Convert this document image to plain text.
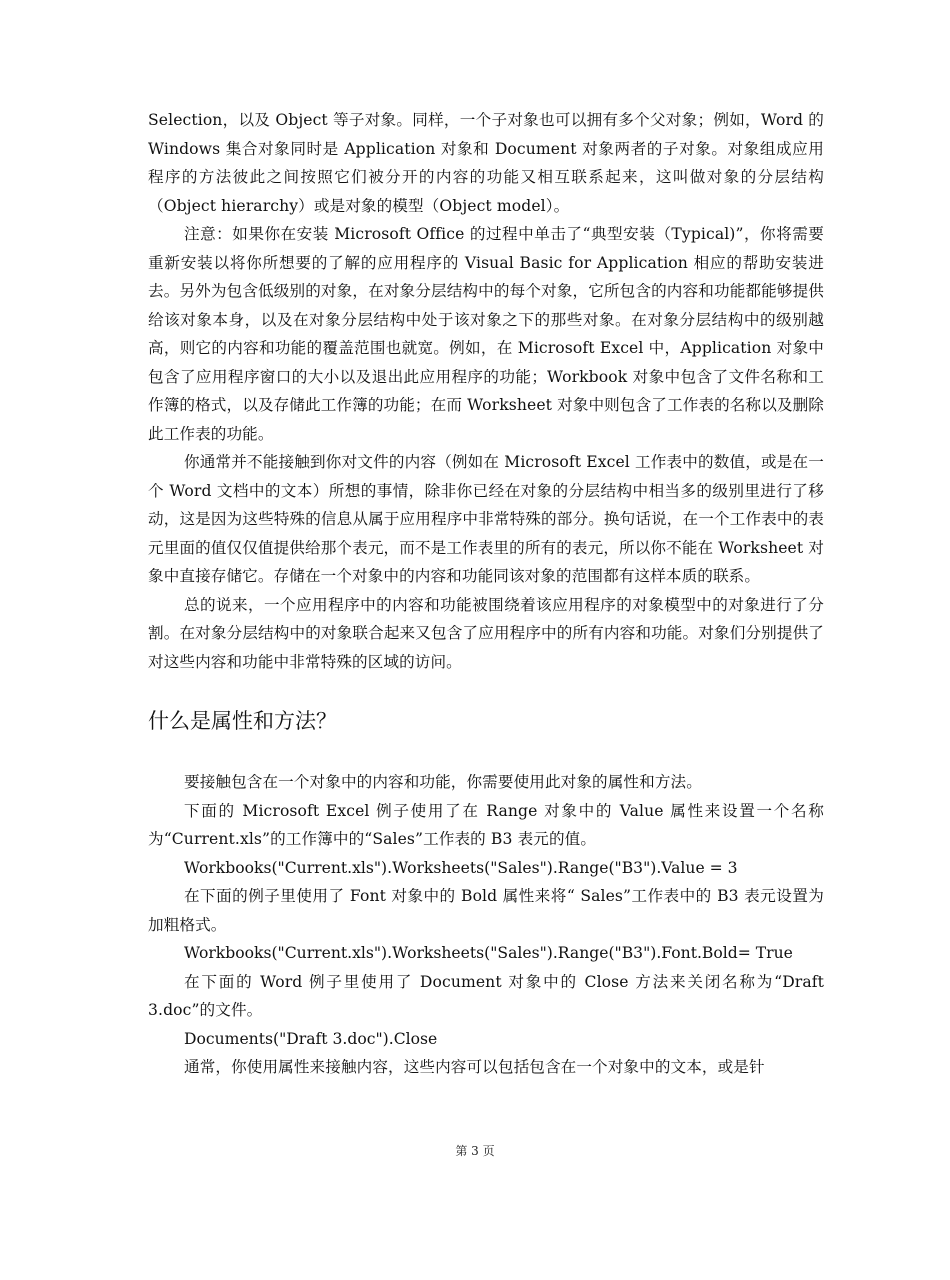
Selection，以及 Object 等子对象。同样，一个子对象也可以拥有多个父对象；例如，Word 的 Windows 集合对象同时是 Application 对象和 Document 对象两者的子对象。对象组成应用程序的方法彼此之间按照它们被分开的内容的功能又相互联系起来，这叫做对象的分层结构（Object hierarchy）或是对象的模型（Object model）。

注意：如果你在安装 Microsoft Office 的过程中单击了“典型安装（Typical)”，你将需要重新安装以将你所想要的了解的应用程序的 Visual Basic for Application 相应的帮助安装进去。另外为包含低级别的对象，在对象分层结构中的每个对象，它所包含的内容和功能都能够提供给该对象本身，以及在对象分层结构中处于该对象之下的那些对象。在对象分层结构中的级别越高，则它的内容和功能的覆盖范围也就宽。例如，在 Microsoft Excel 中，Application 对象中包含了应用程序窗口的大小以及退出此应用程序的功能；Workbook 对象中包含了文件名称和工作簿的格式，以及存储此工作簿的功能；在而 Worksheet 对象中则包含了工作表的名称以及删除此工作表的功能。

你通常并不能接触到你对文件的内容（例如在 Microsoft Excel 工作表中的数值，或是在一个 Word 文档中的文本）所想的事情，除非你已经在对象的分层结构中相当多的级别里进行了移动，这是因为这些特殊的信息从属于应用程序中非常特殊的部分。换句话说，在一个工作表中的表元里面的值仅仅值提供给那个表元，而不是工作表里的所有的表元，所以你不能在 Worksheet 对象中直接存储它。存储在一个对象中的内容和功能同该对象的范围都有这样本质的联系。

总的说来，一个应用程序中的内容和功能被围绕着该应用程序的对象模型中的对象进行了分割。在对象分层结构中的对象联合起来又包含了应用程序中的所有内容和功能。对象们分别提供了对这些内容和功能中非常特殊的区域的访问。

什么是属性和方法？

要接触包含在一个对象中的内容和功能，你需要使用此对象的属性和方法。

下面的 Microsoft Excel 例子使用了在 Range 对象中的 Value 属性来设置一个名称为“Current.xls”的工作簿中的“Sales”工作表的 B3 表元的值。

Workbooks("Current.xls").Worksheets("Sales").Range("B3").Value = 3

在下面的例子里使用了 Font 对象中的 Bold 属性来将“ Sales”工作表中的 B3 表元设置为加粗格式。

Workbooks("Current.xls").Worksheets("Sales").Range("B3").Font.Bold= True

在下面的 Word 例子里使用了 Document 对象中的 Close 方法来关闭名称为“Draft 3.doc”的文件。

Documents("Draft 3.doc").Close

通常，你使用属性来接触内容，这些内容可以包括包含在一个对象中的文本，或是针

第 3 页
